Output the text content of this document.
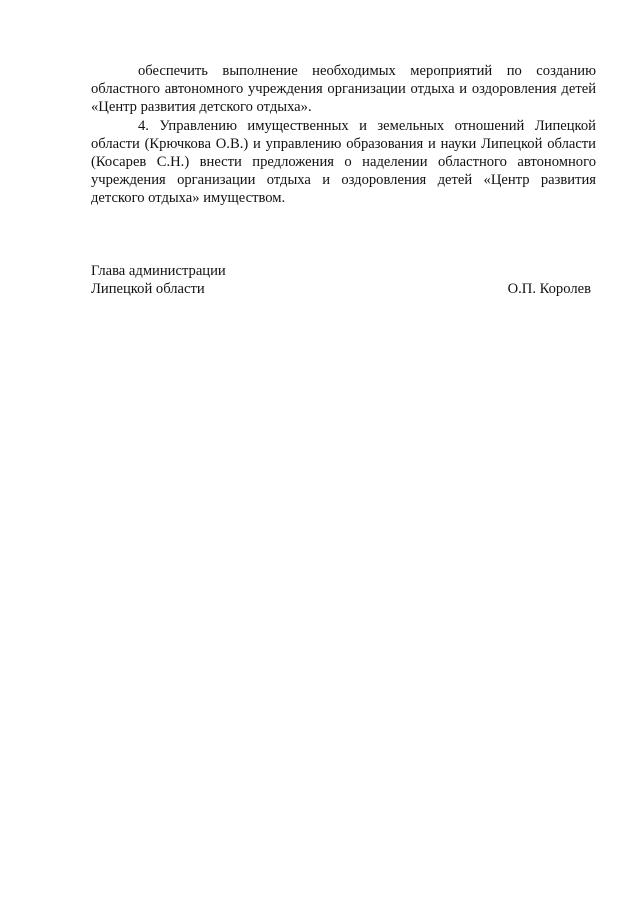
обеспечить выполнение необходимых мероприятий по созданию областного автономного учреждения организации отдыха и оздоровления детей «Центр развития детского отдыха».

4. Управлению имущественных и земельных отношений Липецкой области (Крючкова О.В.) и управлению образования и науки Липецкой области (Косарев С.Н.) внести предложения о наделении областного автономного учреждения организации отдыха и оздоровления детей «Центр развития детского отдыха» имуществом.

Глава администрации
Липецкой области	О.П. Королев
